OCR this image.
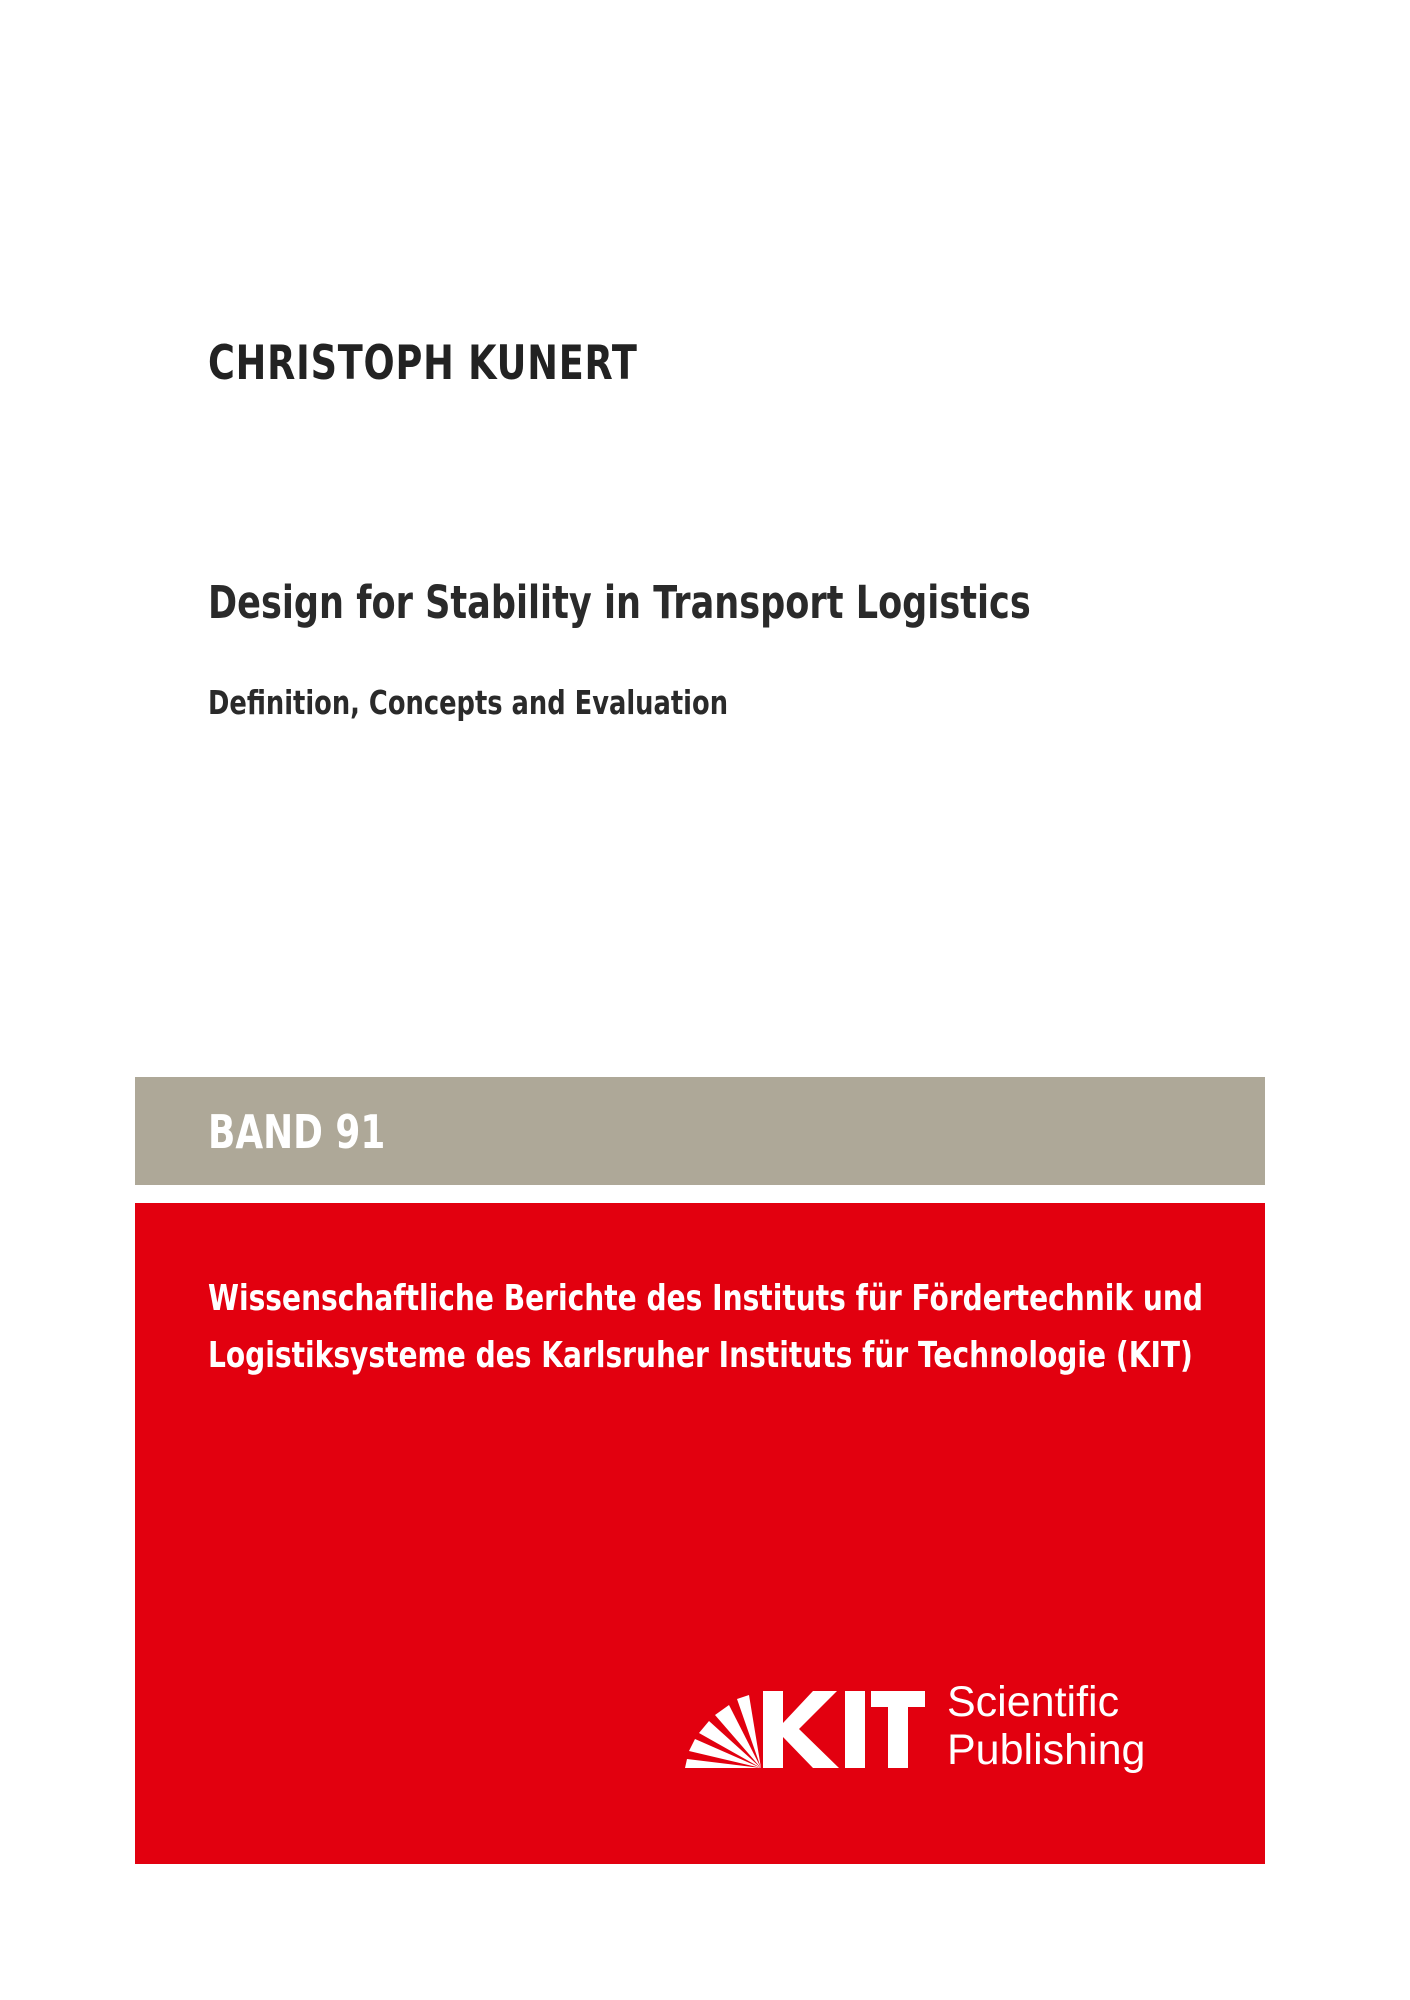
CHRISTOPH KUNERT
Design for Stability in Transport Logistics
Definition, Concepts and Evaluation
BAND 91
Wissenschaftliche Berichte des Instituts für Fördertechnik und
Logistiksysteme des Karlsruher Instituts für Technologie (KIT)
Scientific
Publishing
